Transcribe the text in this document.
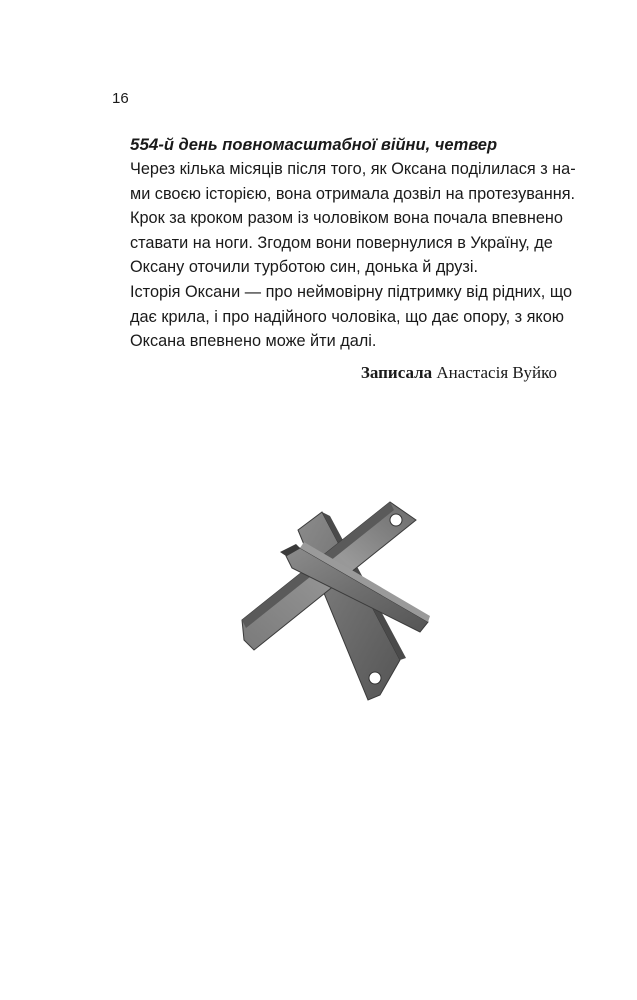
16
554-й день повномасштабної війни, четвер
Через кілька місяців після того, як Оксана поділилася з на-
ми своєю історією, вона отримала дозвіл на протезування.
Крок за кроком разом із чоловіком вона почала впевнено
ставати на ноги. Згодом вони повернулися в Україну, де
Оксану оточили турботою син, донька й друзі.
Історія Оксани — про неймовірну підтримку від рідних, що
дає крила, і про надійного чоловіка, що дає опору, з якою
Оксана впевнено може йти далі.
Записала Анастасія Вуйко
